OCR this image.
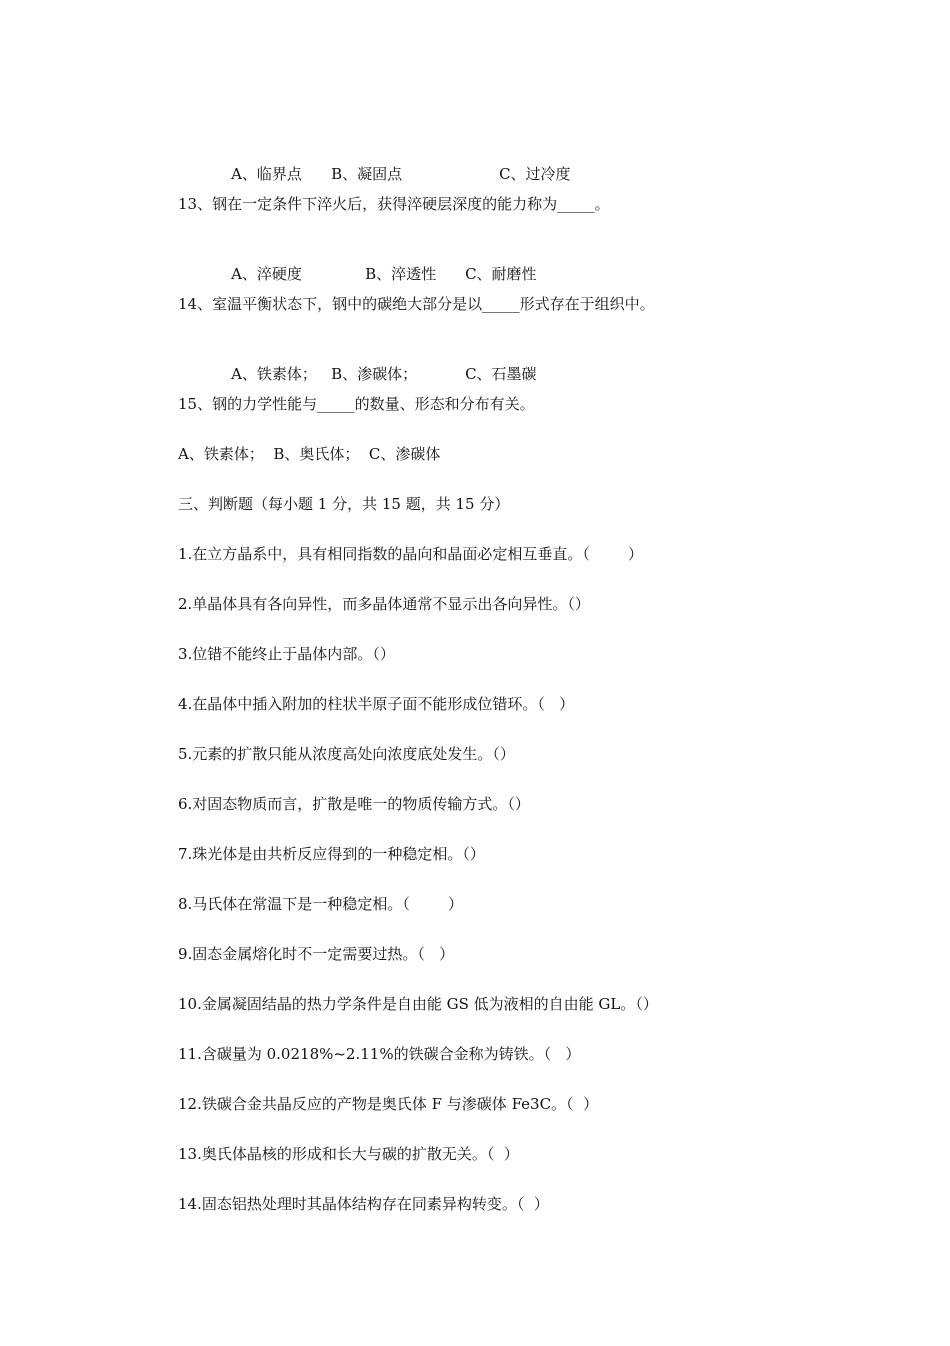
A、临界点 B、凝固点	C、过冷度

13、钢在一定条件下淬火后，获得淬硬层深度的能力称为_____。

A、淬硬度	B、淬透性 C、耐磨性

14、室温平衡状态下，钢中的碳绝大部分是以_____形式存在于组织中。

A、铁素体； B、渗碳体；	C、石墨碳

15、钢的力学性能与_____的数量、形态和分布有关。
A、铁素体；  B、奥氏体；  C、渗碳体
三、判断题（每小题 1 分，共 15 题，共 15 分）
1.在立方晶系中，具有相同指数的晶向和晶面必定相互垂直。（        ）
2.单晶体具有各向异性，而多晶体通常不显示出各向异性。（）
3.位错不能终止于晶体内部。（）
4.在晶体中插入附加的柱状半原子面不能形成位错环。（   ）
5.元素的扩散只能从浓度高处向浓度底处发生。（）
6.对固态物质而言，扩散是唯一的物质传输方式。（）
7.珠光体是由共析反应得到的一种稳定相。（）
8.马氏体在常温下是一种稳定相。（        ）
9.固态金属熔化时不一定需要过热。（   ）
10.金属凝固结晶的热力学条件是自由能 GS 低为液相的自由能 GL。（）
11.含碳量为 0.0218%~2.11%的铁碳合金称为铸铁。（   ）
12.铁碳合金共晶反应的产物是奥氏体 F 与渗碳体 Fe3C。（  ）
13.奥氏体晶核的形成和长大与碳的扩散无关。（  ）
14.固态铝热处理时其晶体结构存在同素异构转变。（  ）
